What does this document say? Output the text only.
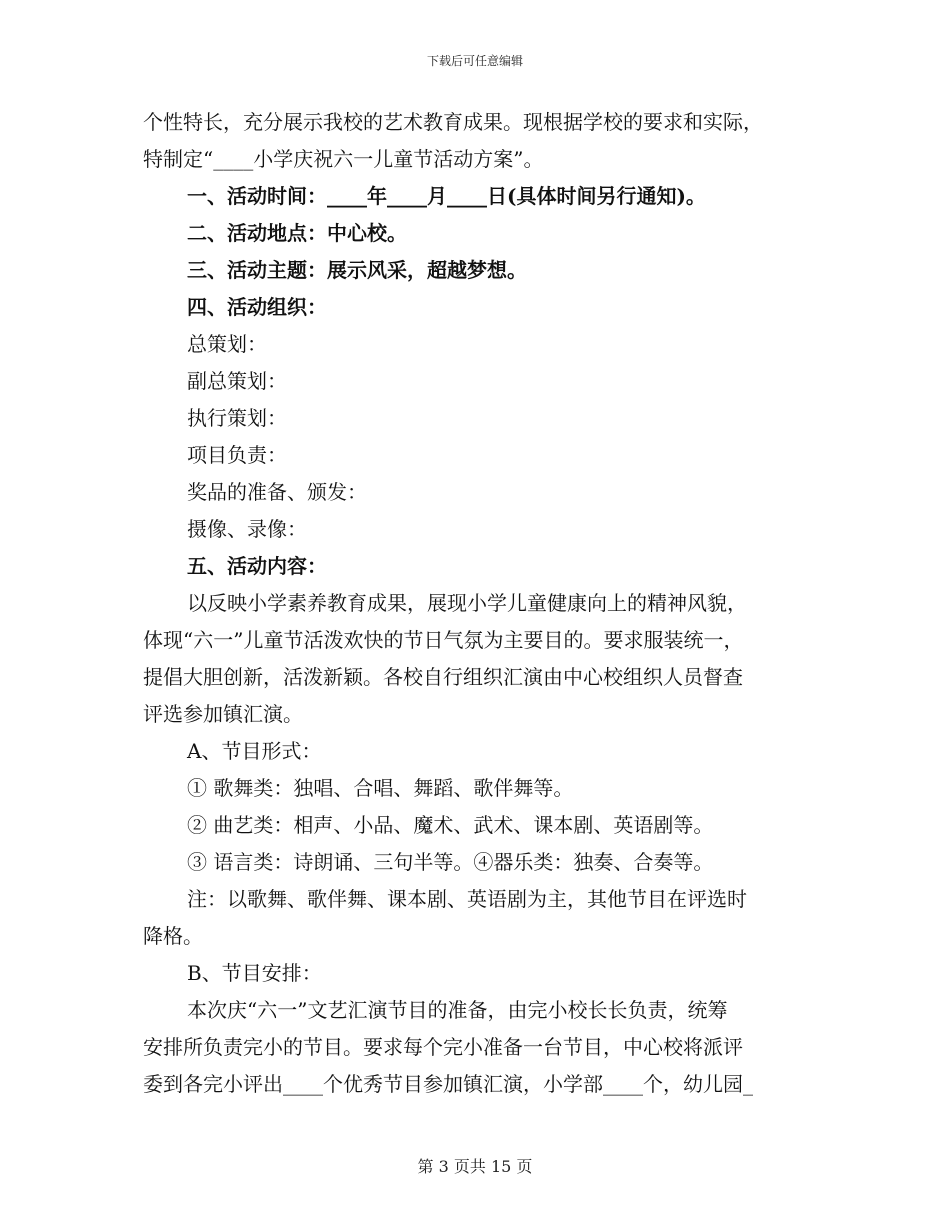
下载后可任意编辑

个性特长，充分展示我校的艺术教育成果。现根据学校的要求和实际，

特制定“____小学庆祝六一儿童节活动方案”。

一、活动时间：____年____月____日(具体时间另行通知)。

二、活动地点：中心校。

三、活动主题：展示风采，超越梦想。

四、活动组织：

总策划：

副总策划：

执行策划：

项目负责：

奖品的准备、颁发：

摄像、录像：

五、活动内容：

以反映小学素养教育成果，展现小学儿童健康向上的精神风貌，

体现“六一”儿童节活泼欢快的节日气氛为主要目的。要求服装统一，

提倡大胆创新，活泼新颖。各校自行组织汇演由中心校组织人员督查

评选参加镇汇演。

A、节目形式：

① 歌舞类：独唱、合唱、舞蹈、歌伴舞等。

② 曲艺类：相声、小品、魔术、武术、课本剧、英语剧等。

③ 语言类：诗朗诵、三句半等。④器乐类：独奏、合奏等。

注：以歌舞、歌伴舞、课本剧、英语剧为主，其他节目在评选时

降格。

B、节目安排：

本次庆“六一”文艺汇演节目的准备，由完小校长长负责，统筹

安排所负责完小的节目。要求每个完小准备一台节目，中心校将派评

委到各完小评出____个优秀节目参加镇汇演，小学部____个，幼儿园_

第 3 页共 15 页
